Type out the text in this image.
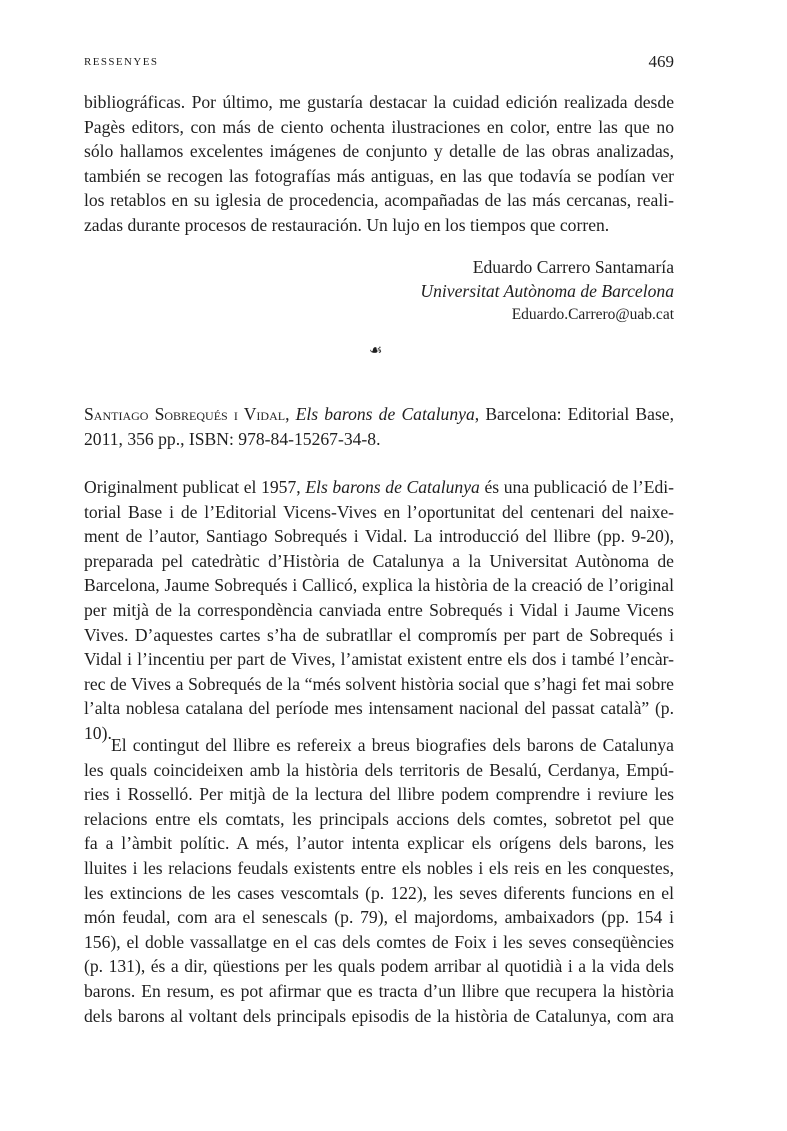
RESSENYES	469
bibliográficas. Por último, me gustaría destacar la cuidad edición realizada desde
Pagès editors, con más de ciento ochenta ilustraciones en color, entre las que no
sólo hallamos excelentes imágenes de conjunto y detalle de las obras analizadas,
también se recogen las fotografías más antiguas, en las que todavía se podían ver
los retablos en su iglesia de procedencia, acompañadas de las más cercanas, reali-
zadas durante procesos de restauración. Un lujo en los tiempos que corren.
Eduardo Carrero Santamaría
Universitat Autònoma de Barcelona
Eduardo.Carrero@uab.cat
☙
Santiago Sobrequés i Vidal, Els barons de Catalunya, Barcelona: Editorial Base,
2011, 356 pp., ISBN: 978-84-15267-34-8.
Originalment publicat el 1957, Els barons de Catalunya és una publicació de l’Edi-
torial Base i de l’Editorial Vicens-Vives en l’oportunitat del centenari del naixe-
ment de l’autor, Santiago Sobrequés i Vidal. La introducció del llibre (pp. 9-20),
preparada pel catedràtic d’Història de Catalunya a la Universitat Autònoma de
Barcelona, Jaume Sobrequés i Callicó, explica la història de la creació de l’original
per mitjà de la correspondència canviada entre Sobrequés i Vidal i Jaume Vicens
Vives. D’aquestes cartes s’ha de subratllar el compromís per part de Sobrequés i
Vidal i l’incentiu per part de Vives, l’amistat existent entre els dos i també l’encàr-
rec de Vives a Sobrequés de la “més solvent història social que s’hagi fet mai sobre
l’alta noblesa catalana del període mes intensament nacional del passat català” (p.
10).
El contingut del llibre es refereix a breus biografies dels barons de Catalunya
les quals coincideixen amb la història dels territoris de Besalú, Cerdanya, Empú-
ries i Rosselló. Per mitjà de la lectura del llibre podem comprendre i reviure les
relacions entre els comtats, les principals accions dels comtes, sobretot pel que
fa a l’àmbit polític. A més, l’autor intenta explicar els orígens dels barons, les
lluites i les relacions feudals existents entre els nobles i els reis en les conquestes,
les extincions de les cases vescomtals (p. 122), les seves diferents funcions en el
món feudal, com ara el senescals (p. 79), el majordoms, ambaixadors (pp. 154 i
156), el doble vassallatge en el cas dels comtes de Foix i les seves conseqüències
(p. 131), és a dir, qüestions per les quals podem arribar al quotidià i a la vida dels
barons. En resum, es pot afirmar que es tracta d’un llibre que recupera la història
dels barons al voltant dels principals episodis de la història de Catalunya, com ara
